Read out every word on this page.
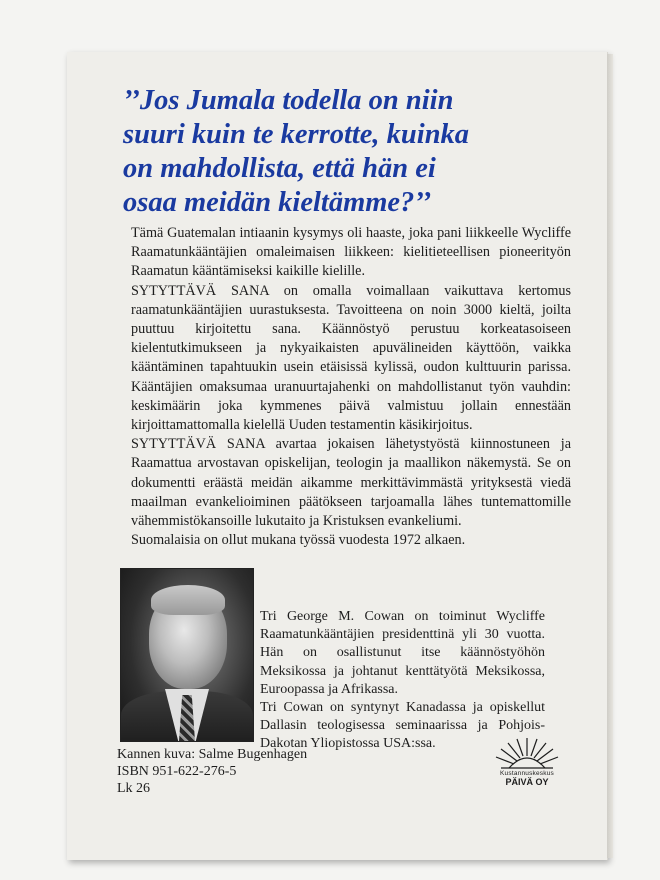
’’Jos Jumala todella on niin
suuri kuin te kerrotte, kuinka
on mahdollista, että hän ei
osaa meidän kieltämme?’’

Tämä Guatemalan intiaanin kysymys oli haaste, joka pani liikkeelle Wycliffe Raamatunkääntäjien omaleimaisen liikkeen: kielitieteellisen pioneerityön Raamatun kääntämiseksi kaikille kielille.

SYTYTTÄVÄ SANA on omalla voimallaan vaikuttava kertomus raamatunkääntäjien uurastuksesta. Tavoitteena on noin 3000 kieltä, joilta puuttuu kirjoitettu sana. Käännöstyö perustuu korkeatasoiseen kielentutkimukseen ja nykyaikaisten apuvälineiden käyttöön, vaikka kääntäminen tapahtuukin usein etäisissä kylissä, oudon kulttuurin parissa. Kääntäjien omaksumaa uranuurtajahenki on mahdollistanut työn vauhdin: keskimäärin joka kymmenes päivä valmistuu jollain ennestään kirjoittamattomalla kielellä Uuden testamentin käsikirjoitus.

SYTYTTÄVÄ SANA avartaa jokaisen lähetystyöstä kiinnostuneen ja Raamattua arvostavan opiskelijan, teologin ja maallikon näkemystä. Se on dokumentti eräästä meidän aikamme merkittävimmästä yrityksestä viedä maailman evankelioiminen päätökseen tarjoamalla lähes tuntemattomille vähemmistökansoille lukutaito ja Kristuksen evankeliumi.

Suomalaisia on ollut mukana työssä vuodesta 1972 alkaen.

Tri George M. Cowan on toiminut Wycliffe Raamatunkääntäjien presidenttinä yli 30 vuotta. Hän on osallistunut itse käännöstyöhön Meksikossa ja johtanut kenttätyötä Meksikossa, Euroopassa ja Afrikassa.

Tri Cowan on syntynyt Kanadassa ja opiskellut Dallasin teologisessa seminaarissa ja Pohjois-Dakotan Yliopistossa USA:ssa.

Kannen kuva: Salme Bugenhagen
ISBN 951-622-276-5
Lk 26
Kustannuskeskus
PÄIVÄ OY
